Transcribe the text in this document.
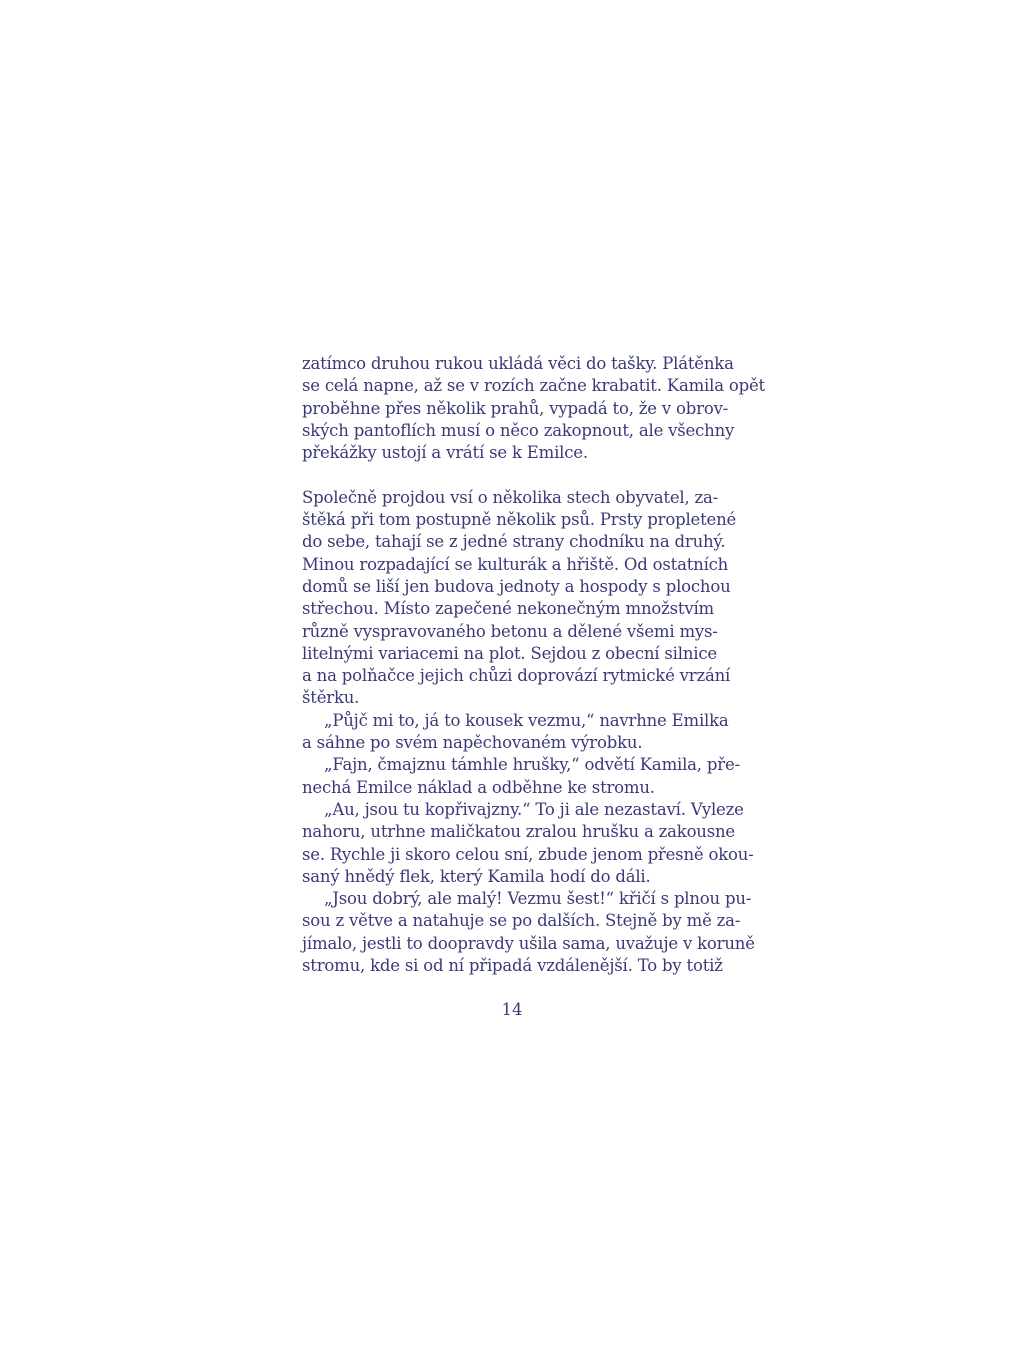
zatímco druhou rukou ukládá věci do tašky. Plátěnka
se celá napne, až se v rozích začne krabatit. Kamila opět
proběhne přes několik prahů, vypadá to, že v obrov-
ských pantoflích musí o něco zakopnout, ale všechny
překážky ustojí a vrátí se k Emilce.
Společně projdou vsí o několika stech obyvatel, za-
štěká při tom postupně několik psů. Prsty propletené
do sebe, tahají se z jedné strany chodníku na druhý.
Minou rozpadající se kulturák a hřiště. Od ostatních
domů se liší jen budova jednoty a hospody s plochou
střechou. Místo zapečené nekonečným množstvím
různě vyspravovaného betonu a dělené všemi mys-
litelnými variacemi na plot. Sejdou z obecní silnice
a na polňačce jejich chůzi doprovází rytmické vrzání
štěrku.
„Půjč mi to, já to kousek vezmu,“ navrhne Emilka
a sáhne po svém napěchovaném výrobku.
„Fajn, čmajznu támhle hrušky,“ odvětí Kamila, pře-
nechá Emilce náklad a odběhne ke stromu.
„Au, jsou tu kopřivajzny.“ To ji ale nezastaví. Vyleze
nahoru, utrhne maličkatou zralou hrušku a zakousne
se. Rychle ji skoro celou sní, zbude jenom přesně okou-
saný hnědý flek, který Kamila hodí do dáli.
„Jsou dobrý, ale malý! Vezmu šest!“ křičí s plnou pu-
sou z větve a natahuje se po dalších. Stejně by mě za-
jímalo, jestli to doopravdy ušila sama, uvažuje v koruně
stromu, kde si od ní připadá vzdálenější. To by totiž
14
